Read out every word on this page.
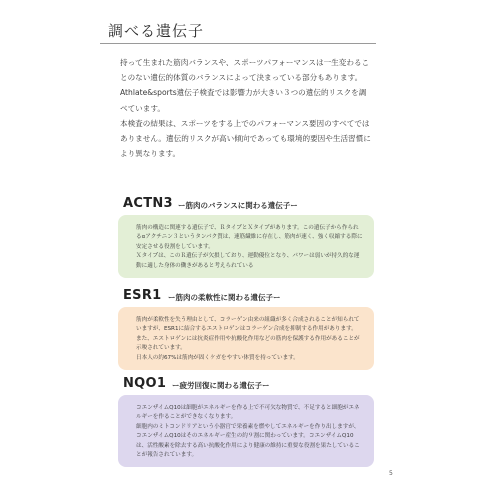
調べる遺伝子

持って生まれた筋肉バランスや、スポーツパフォーマンスは一生変わることのない遺伝的体質のバランスによって決まっている部分もあります。

Athlate&sports遺伝子検査では影響力が大きい３つの遺伝的リスクを調べています。

本検査の結果は、スポーツをする上でのパフォーマンス要因のすべてではありません。遺伝的リスクが高い傾向であっても環境的要因や生活習慣により異なります。

ACTN3 ー筋肉のバランスに関わる遺伝子ー

筋肉の構造に関連する遺伝子で、ＲタイプとＸタイプがあります。この遺伝子から作られるαアクチニン３というタンパク質は、速筋繊維に存在し、筋肉が速く、強く収縮する際に安定させる役割をしています。

Ｘタイプは、このＲ遺伝子が欠損しており、運動優位となり、パワーは弱いが持久的な運動に適した身体の働きがあると考えられている

ESR1 ー筋肉の柔軟性に関わる遺伝子ー

筋肉が柔軟性を失う理由として、コラーゲン由来の組織が多く合成されることが知られていますが、ESR1に結合するエストロゲンはコラーゲン合成を抑制する作用があります。

また、エストロゲンには抗炎症作用や抗酸化作用などの筋肉を保護する作用があることが示唆されています。

日本人の約67%は筋肉が固くケガをやすい体質を持っています。

NQO1 ー疲労回復に関わる遺伝子ー

コエンザイムQ10は細胞がエネルギーを作る上で不可欠な物質で、不足すると細胞がエネルギーを作ることができなくなります。

細胞内のミトコンドリアという小器官で栄養素を燃やしてエネルギーを作り出しますが、コエンザイムQ10はそのエネルギー産生の約９割に関わっています。コエンザイムQ10は、活性酸素を除去する高い抗酸化作用により健康の維持に重要な役割を果たしていることが報告されています。

5
